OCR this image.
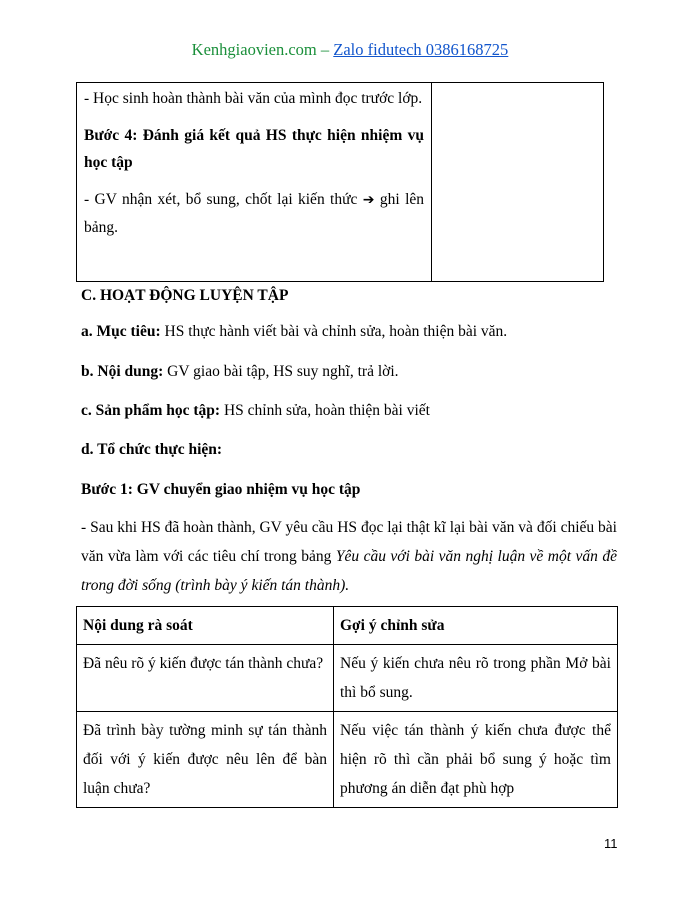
Kenhgiaovien.com – Zalo fidutech 0386168725

- Học sinh hoàn thành bài văn của mình đọc trước lớp.

Bước 4: Đánh giá kết quả HS thực hiện nhiệm vụ học tập

- GV nhận xét, bổ sung, chốt lại kiến thức ➔ ghi lên bảng.

C. HOẠT ĐỘNG LUYỆN TẬP
a. Mục tiêu: HS thực hành viết bài và chỉnh sửa, hoàn thiện bài văn.
b. Nội dung: GV giao bài tập, HS suy nghĩ, trả lời.
c. Sản phẩm học tập: HS chỉnh sửa, hoàn thiện bài viết
d. Tổ chức thực hiện:
Bước 1: GV chuyển giao nhiệm vụ học tập

- Sau khi HS đã hoàn thành, GV yêu cầu HS đọc lại thật kĩ lại bài văn và đối chiếu bài văn vừa làm với các tiêu chí trong bảng Yêu cầu với bài văn nghị luận về một vấn đề trong đời sống (trình bày ý kiến tán thành).

Nội dung rà soát	Gợi ý chỉnh sửa
Đã nêu rõ ý kiến được tán thành chưa?	Nếu ý kiến chưa nêu rõ trong phần Mở bài thì bổ sung.
Đã trình bày tường minh sự tán thành đối với ý kiến được nêu lên để bàn luận chưa?	Nếu việc tán thành ý kiến chưa được thể hiện rõ thì cần phải bổ sung ý hoặc tìm phương án diễn đạt phù hợp
11
